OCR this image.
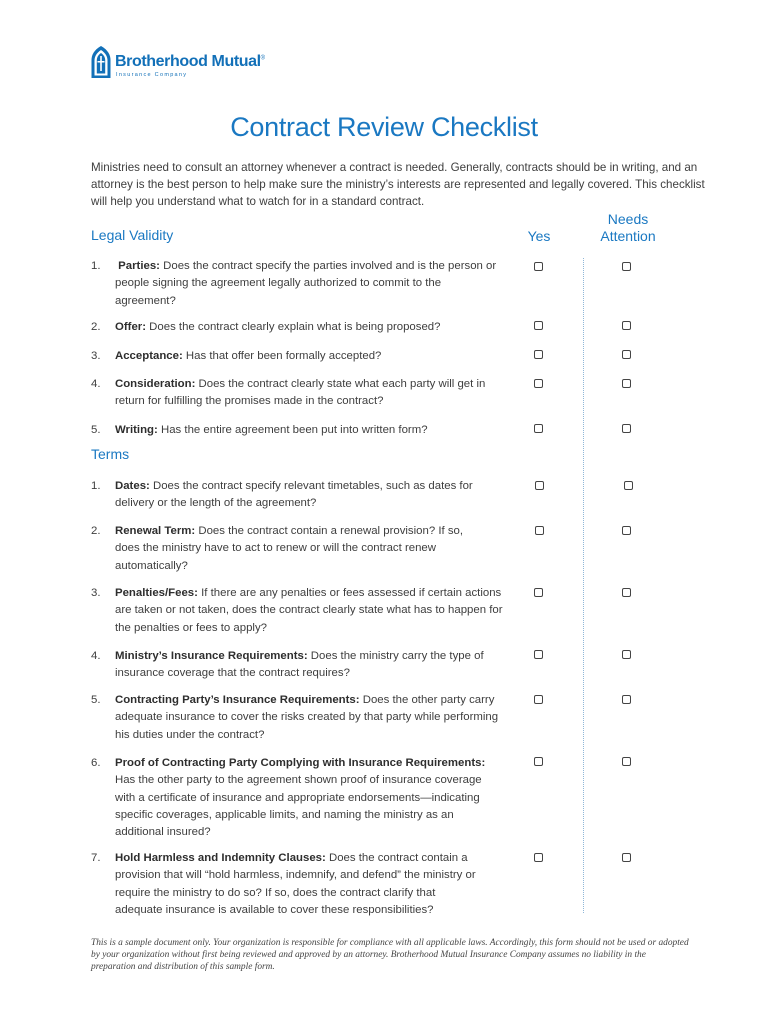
Brotherhood Mutual®
Insurance Company
Contract Review Checklist

Ministries need to consult an attorney whenever a contract is needed. Generally, contracts should be in writing, and an attorney is the best person to help make sure the ministry’s interests are represented and legally covered. This checklist will help you understand what to watch for in a standard contract.

Yes
Needs
Attention
Legal Validity
1.	Parties: Does the contract specify the parties involved and is the person or people signing the agreement legally authorized to commit to the agreement?
2.	Offer: Does the contract clearly explain what is being proposed?
3.	Acceptance: Has that offer been formally accepted?
4.	Consideration: Does the contract clearly state what each party will get in return for fulfilling the promises made in the contract?
5.	Writing: Has the entire agreement been put into written form?
Terms
1.	Dates: Does the contract specify relevant timetables, such as dates for delivery or the length of the agreement?
2.	Renewal Term: Does the contract contain a renewal provision? If so, does the ministry have to act to renew or will the contract renew automatically?
3.	Penalties/Fees: If there are any penalties or fees assessed if certain actions are taken or not taken, does the contract clearly state what has to happen for the penalties or fees to apply?
4.	Ministry’s Insurance Requirements: Does the ministry carry the type of insurance coverage that the contract requires?
5.	Contracting Party’s Insurance Requirements: Does the other party carry adequate insurance to cover the risks created by that party while performing his duties under the contract?
6.	Proof of Contracting Party Complying with Insurance Requirements: Has the other party to the agreement shown proof of insurance coverage with a certificate of insurance and appropriate endorsements—indicating specific coverages, applicable limits, and naming the ministry as an additional insured?
7.	Hold Harmless and Indemnity Clauses: Does the contract contain a provision that will “hold harmless, indemnify, and defend” the ministry or require the ministry to do so? If so, does the contract clarify that adequate insurance is available to cover these responsibilities?

This is a sample document only. Your organization is responsible for compliance with all applicable laws. Accordingly, this form should not be used or adopted by your organization without first being reviewed and approved by an attorney. Brotherhood Mutual Insurance Company assumes no liability in the preparation and distribution of this sample form.
